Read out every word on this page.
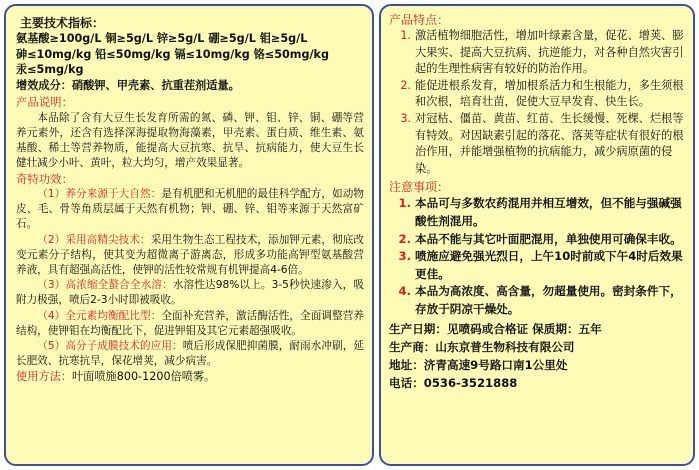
主要技术指标：
氨基酸≥100g/L 铜≥5g/L 锌≥5g/L 硼≥5g/L 钼≥5g/L
砷≤10mg/kg 铅≤50mg/kg 镉≤10mg/kg 铬≤50mg/kg
汞≤5mg/kg
增效成分：硝酸钾、甲壳素、抗重茬剂适量。
产品说明：
本品除了含有大豆生长发育所需的氮、磷、钾、钼、锌、铜、硼等营养元素外，还含有选择深海提取物海藻素，甲壳素、蛋白质、维生素、氨基酸、稀土等营养物质，能提高大豆抗寒、抗旱、抗病能力，使大豆生长健壮减少小叶、黄叶，粒大均匀，增产效果显著。
奇特功效：
（1）养分来源于大自然：是有机肥和无机肥的最佳科学配方，如动物皮、毛、骨等角质层属于天然有机物；钾、硼、锌、钼等来源于天然富矿石。
（2）采用高精尖技术：采用生物生态工程技术，添加钾元素，彻底改变元素分子结构，使其变为超微离子游离态，形成多功能高钾型氨基酸营养液，具有超强高活性，使钾的活性较常规有机钾提高4-6倍。
（3）高浓缩全螯合全水溶：水溶性达98%以上。3-5秒快速渗入，吸附力极强，喷后2-3小时即被吸收。
（4）全元素均衡配比型：全面补充营养，激活酶活性，全面调整营养结构，使钾钼在均衡配比下，促进钾钼及其它元素超强吸收。
（5）高分子成膜技术的应用：喷后形成保肥抑菌膜，耐雨水冲刷，延长肥效、抗寒抗旱，保花增荚，减少病害。
使用方法：叶面喷施800-1200倍喷雾。
产品特点：
1. 激活植物细胞活性，增加叶绿素含量，促花、增荚、膨大果实、提高大豆抗病、抗逆能力，对各种自然灾害引起的生理性病害有较好的防治作用。
2. 能促进根系发育，增加根系活力和生根能力，多生须根和次根，培育壮苗，促使大豆早发育、快生长。
3. 对冠枯、僵苗、黄苗、红苗、生长缓慢、死棵、烂根等有特效。对因缺素引起的落花、落荚等症状有很好的根治作用，并能增强植物的抗病能力，减少病原菌的侵染。
注意事项：
1. 本品可与多数农药混用并相互增效，但不能与强碱强酸性剂混用。
2. 本品不能与其它叶面肥混用，单独使用可确保丰收。
3. 喷施应避免强光烈日，上午10时前或下午4时后效果更佳。
4. 本品为高浓度、高含量，勿超量使用。密封条件下，存放于阴凉干燥处。
生产日期：见喷码或合格证 保质期：五年
生产商：山东京普生物科技有限公司
地址：济青高速9号路口南1公里处
电话：0536-3521888
